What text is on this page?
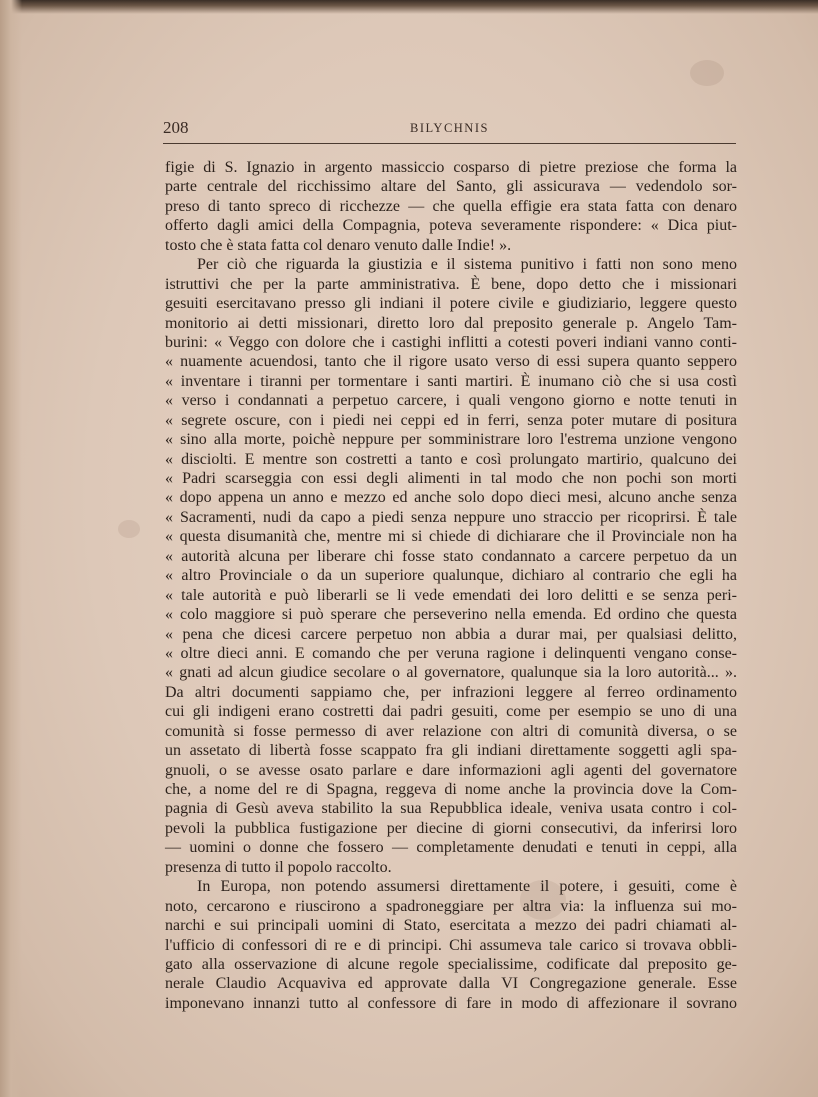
208	BILYCHNIS
figie di S. Ignazio in argento massiccio cosparso di pietre preziose che forma la
parte centrale del ricchissimo altare del Santo, gli assicurava — vedendolo sor-
preso di tanto spreco di ricchezze — che quella effigie era stata fatta con denaro
offerto dagli amici della Compagnia, poteva severamente rispondere: « Dica piut-
tosto che è stata fatta col denaro venuto dalle Indie! ».
Per ciò che riguarda la giustizia e il sistema punitivo i fatti non sono meno
istruttivi che per la parte amministrativa. È bene, dopo detto che i missionari
gesuiti esercitavano presso gli indiani il potere civile e giudiziario, leggere questo
monitorio ai detti missionari, diretto loro dal preposito generale p. Angelo Tam-
burini: « Veggo con dolore che i castighi inflitti a cotesti poveri indiani vanno conti-
« nuamente acuendosi, tanto che il rigore usato verso di essi supera quanto seppero
« inventare i tiranni per tormentare i santi martiri. È inumano ciò che si usa costì
« verso i condannati a perpetuo carcere, i quali vengono giorno e notte tenuti in
« segrete oscure, con i piedi nei ceppi ed in ferri, senza poter mutare di positura
« sino alla morte, poichè neppure per somministrare loro l'estrema unzione vengono
« disciolti. E mentre son costretti a tanto e così prolungato martirio, qualcuno dei
« Padri scarseggia con essi degli alimenti in tal modo che non pochi son morti
« dopo appena un anno e mezzo ed anche solo dopo dieci mesi, alcuno anche senza
« Sacramenti, nudi da capo a piedi senza neppure uno straccio per ricoprirsi. È tale
« questa disumanità che, mentre mi si chiede di dichiarare che il Provinciale non ha
« autorità alcuna per liberare chi fosse stato condannato a carcere perpetuo da un
« altro Provinciale o da un superiore qualunque, dichiaro al contrario che egli ha
« tale autorità e può liberarli se li vede emendati dei loro delitti e se senza peri-
« colo maggiore si può sperare che perseverino nella emenda. Ed ordino che questa
« pena che dicesi carcere perpetuo non abbia a durar mai, per qualsiasi delitto,
« oltre dieci anni. E comando che per veruna ragione i delinquenti vengano conse-
« gnati ad alcun giudice secolare o al governatore, qualunque sia la loro autorità... ».
Da altri documenti sappiamo che, per infrazioni leggere al ferreo ordinamento
cui gli indigeni erano costretti dai padri gesuiti, come per esempio se uno di una
comunità si fosse permesso di aver relazione con altri di comunità diversa, o se
un assetato di libertà fosse scappato fra gli indiani direttamente soggetti agli spa-
gnuoli, o se avesse osato parlare e dare informazioni agli agenti del governatore
che, a nome del re di Spagna, reggeva di nome anche la provincia dove la Com-
pagnia di Gesù aveva stabilito la sua Repubblica ideale, veniva usata contro i col-
pevoli la pubblica fustigazione per diecine di giorni consecutivi, da inferirsi loro
— uomini o donne che fossero — completamente denudati e tenuti in ceppi, alla
presenza di tutto il popolo raccolto.
In Europa, non potendo assumersi direttamente il potere, i gesuiti, come è
noto, cercarono e riuscirono a spadroneggiare per altra via: la influenza sui mo-
narchi e sui principali uomini di Stato, esercitata a mezzo dei padri chiamati al-
l'ufficio di confessori di re e di principi. Chi assumeva tale carico si trovava obbli-
gato alla osservazione di alcune regole specialissime, codificate dal preposito ge-
nerale Claudio Acquaviva ed approvate dalla VI Congregazione generale. Esse
imponevano innanzi tutto al confessore di fare in modo di affezionare il sovrano
